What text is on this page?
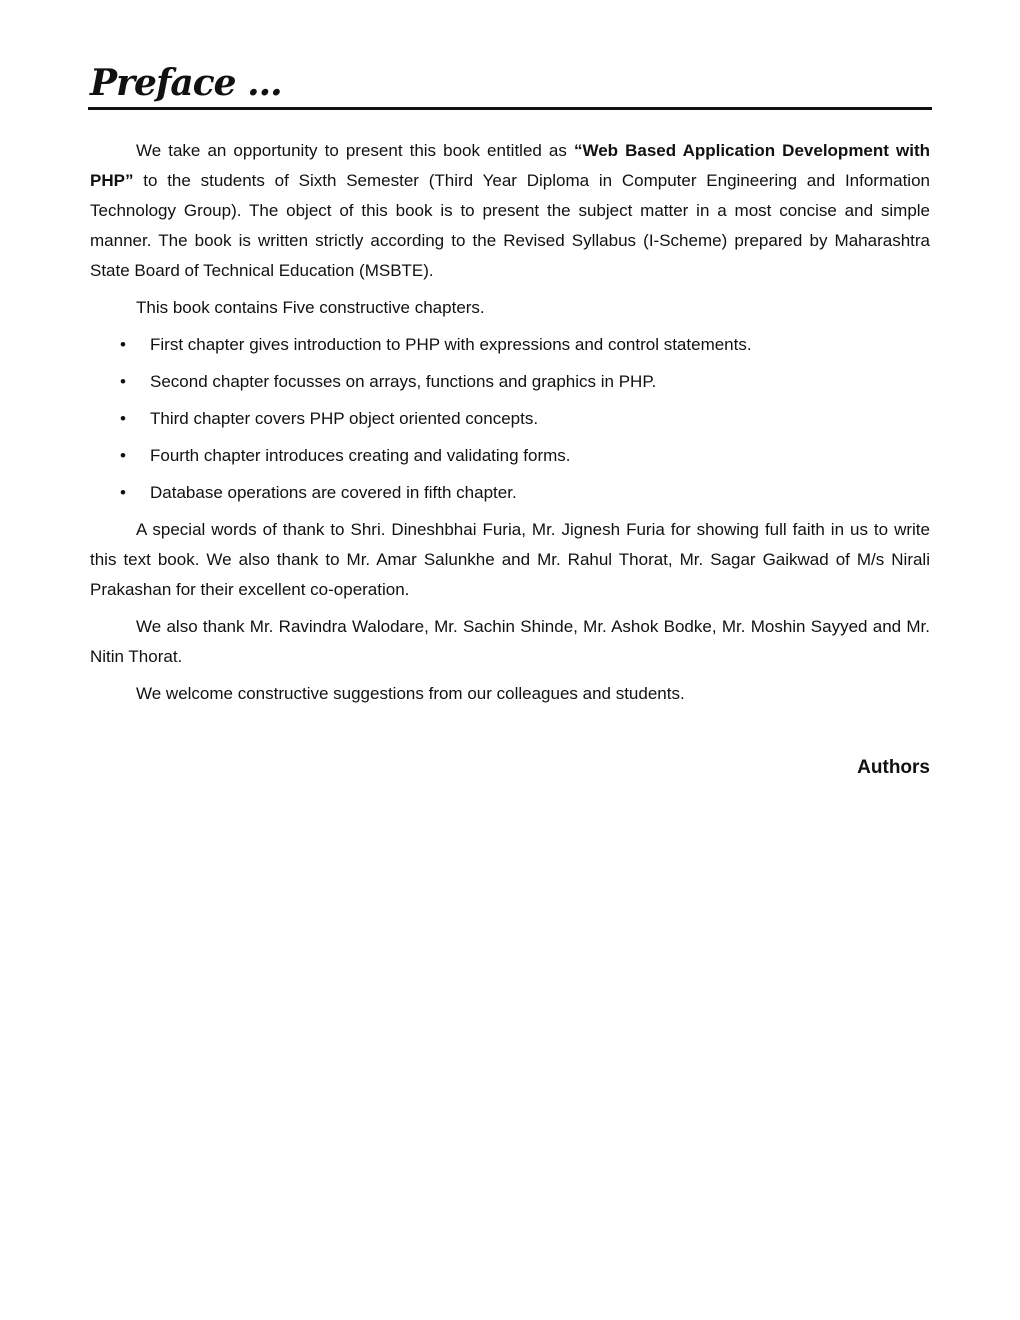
Preface ...

We take an opportunity to present this book entitled as “Web Based Application Development with PHP” to the students of Sixth Semester (Third Year Diploma in Computer Engineering and Information Technology Group). The object of this book is to present the subject matter in a most concise and simple manner. The book is written strictly according to the Revised Syllabus (I-Scheme) prepared by Maharashtra State Board of Technical Education (MSBTE).

This book contains Five constructive chapters.

• First chapter gives introduction to PHP with expressions and control statements.
• Second chapter focusses on arrays, functions and graphics in PHP.
• Third chapter covers PHP object oriented concepts.
• Fourth chapter introduces creating and validating forms.
• Database operations are covered in fifth chapter.

A special words of thank to Shri. Dineshbhai Furia, Mr. Jignesh Furia for showing full faith in us to write this text book. We also thank to Mr. Amar Salunkhe and Mr. Rahul Thorat, Mr. Sagar Gaikwad of M/s Nirali Prakashan for their excellent co-operation.

We also thank Mr. Ravindra Walodare, Mr. Sachin Shinde, Mr. Ashok Bodke, Mr. Moshin Sayyed and Mr. Nitin Thorat.

We welcome constructive suggestions from our colleagues and students.

Authors
